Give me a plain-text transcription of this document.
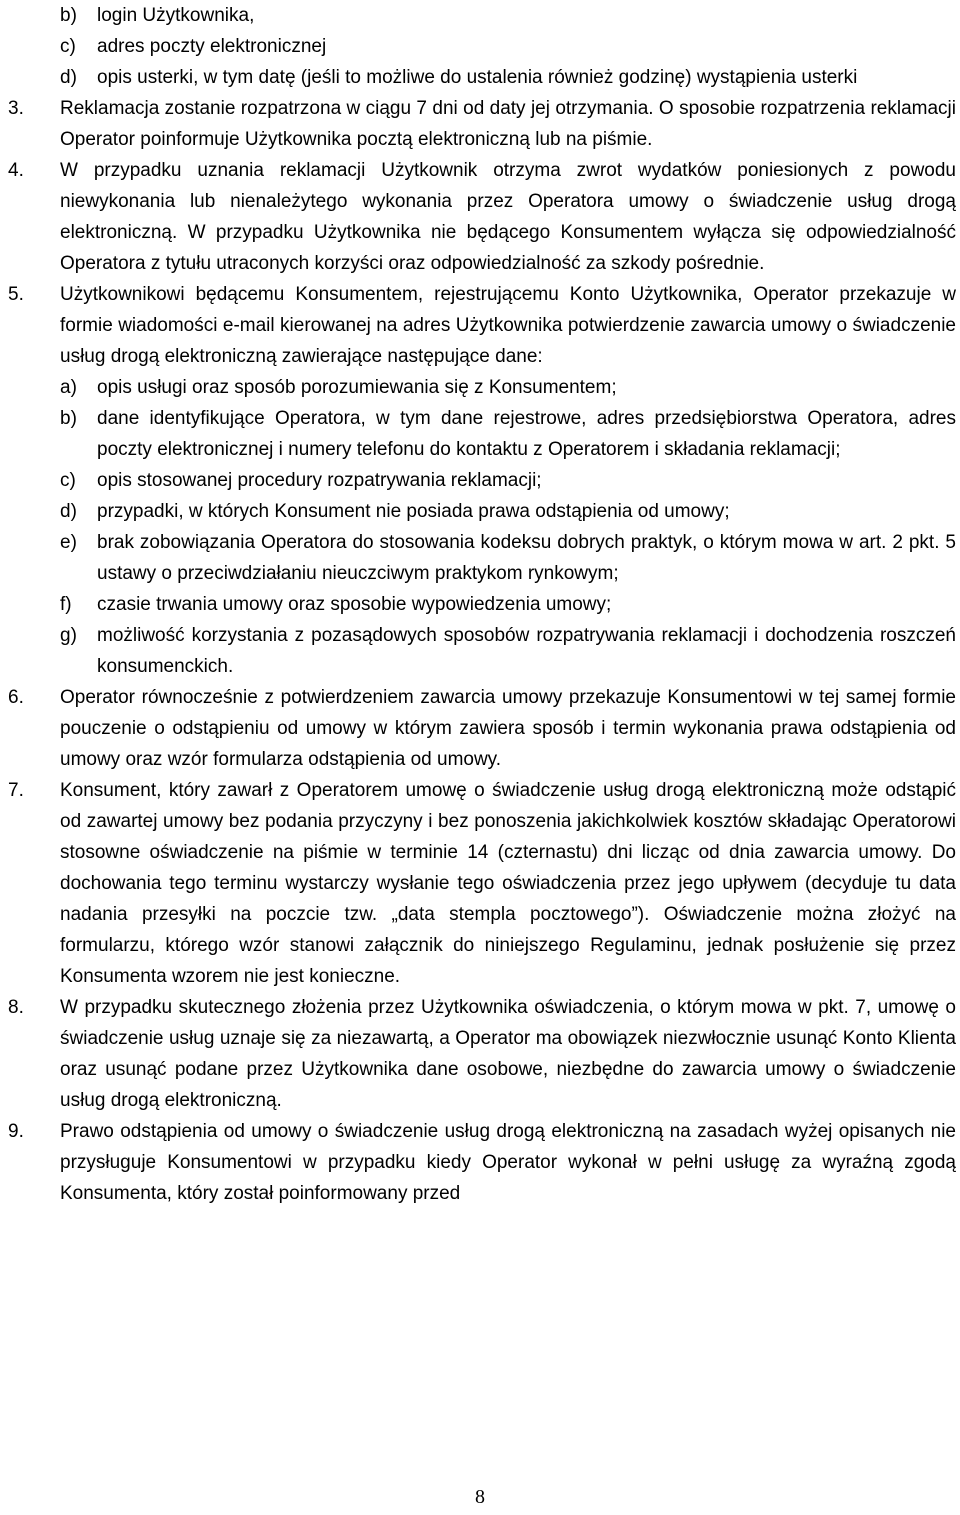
b)	login Użytkownika,
c)	adres poczty elektronicznej
d)	opis usterki, w tym datę (jeśli to możliwe do ustalenia również godzinę) wystąpienia usterki
3.	Reklamacja zostanie rozpatrzona w ciągu 7 dni od daty jej otrzymania. O sposobie rozpatrzenia reklamacji Operator poinformuje Użytkownika pocztą elektroniczną lub na piśmie.
4.	W przypadku uznania reklamacji Użytkownik otrzyma zwrot wydatków poniesionych z powodu niewykonania lub nienależytego wykonania przez Operatora umowy o świadczenie usług drogą elektroniczną. W przypadku Użytkownika nie będącego Konsumentem wyłącza się odpowiedzialność Operatora z tytułu utraconych korzyści oraz odpowiedzialność za szkody pośrednie.
5.	Użytkownikowi będącemu Konsumentem, rejestrującemu Konto Użytkownika, Operator przekazuje w formie wiadomości e-mail kierowanej na adres Użytkownika potwierdzenie zawarcia umowy o świadczenie usług drogą elektroniczną zawierające następujące dane:
a)	opis usługi oraz sposób porozumiewania się z Konsumentem;
b)	dane identyfikujące Operatora, w tym dane rejestrowe, adres przedsiębiorstwa Operatora, adres poczty elektronicznej i numery telefonu do kontaktu z Operatorem i składania reklamacji;
c)	opis stosowanej procedury rozpatrywania reklamacji;
d)	przypadki, w których Konsument nie posiada prawa odstąpienia od umowy;
e)	brak zobowiązania Operatora do stosowania kodeksu dobrych praktyk, o którym mowa w art. 2 pkt. 5 ustawy o przeciwdziałaniu nieuczciwym praktykom rynkowym;
f)	czasie trwania umowy oraz sposobie wypowiedzenia umowy;
g)	możliwość korzystania z pozasądowych sposobów rozpatrywania reklamacji i dochodzenia roszczeń konsumenckich.
6.	Operator równocześnie z potwierdzeniem zawarcia umowy przekazuje Konsumentowi w tej samej formie pouczenie o odstąpieniu od umowy w którym zawiera sposób i termin wykonania prawa odstąpienia od umowy oraz wzór formularza odstąpienia od umowy.
7.	Konsument, który zawarł z Operatorem umowę o świadczenie usług drogą elektroniczną może odstąpić od zawartej umowy bez podania przyczyny i bez ponoszenia jakichkolwiek kosztów składając Operatorowi stosowne oświadczenie na piśmie w terminie 14 (czternastu) dni licząc od dnia zawarcia umowy. Do dochowania tego terminu wystarczy wysłanie tego oświadczenia przez jego upływem (decyduje tu data nadania przesyłki na poczcie tzw. „data stempla pocztowego”). Oświadczenie można złożyć na formularzu, którego wzór stanowi załącznik do niniejszego Regulaminu, jednak posłużenie się przez Konsumenta wzorem nie jest konieczne.
8.	W przypadku skutecznego złożenia przez Użytkownika oświadczenia, o którym mowa w pkt. 7, umowę o świadczenie usług uznaje się za niezawartą, a Operator ma obowiązek niezwłocznie usunąć Konto Klienta oraz usunąć podane przez Użytkownika dane osobowe, niezbędne do zawarcia umowy o świadczenie usług drogą elektroniczną.
9.	Prawo odstąpienia od umowy o świadczenie usług drogą elektroniczną na zasadach wyżej opisanych nie przysługuje Konsumentowi w przypadku kiedy Operator wykonał w pełni usługę za wyraźną zgodą Konsumenta, który został poinformowany przed
8
